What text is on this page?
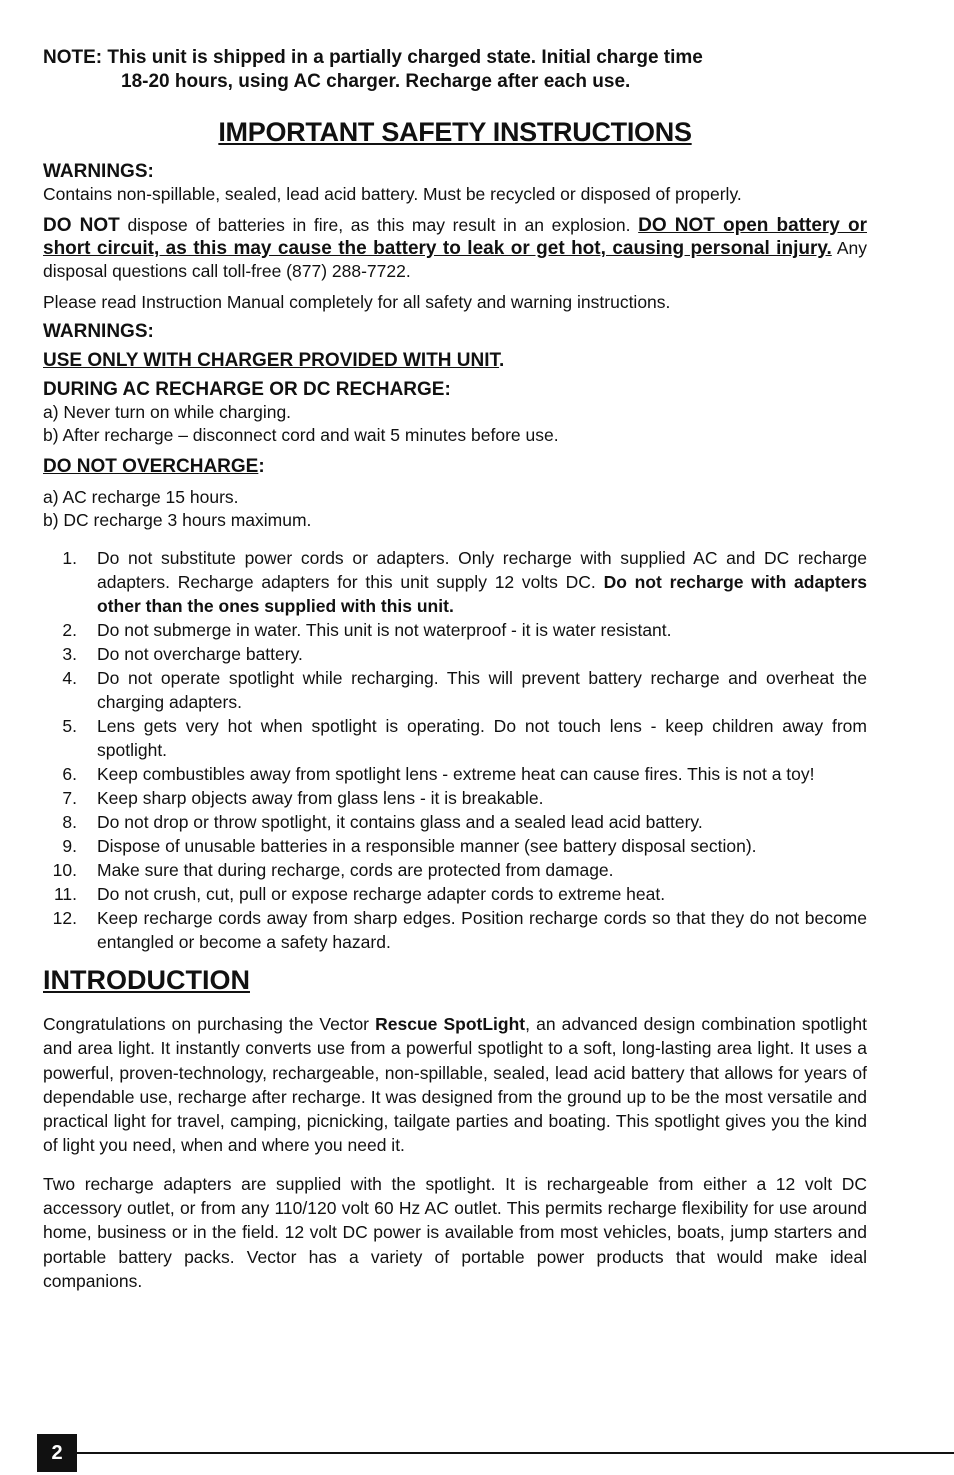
NOTE: This unit is shipped in a partially charged state. Initial charge time
18-20 hours, using AC charger. Recharge after each use.

IMPORTANT SAFETY INSTRUCTIONS

WARNINGS:

Contains non-spillable, sealed, lead acid battery. Must be recycled or disposed of properly.

DO NOT dispose of batteries in fire, as this may result in an explosion. DO NOT open battery or short circuit, as this may cause the battery to leak or get hot, causing personal injury. Any disposal questions call toll-free (877) 288-7722.

Please read Instruction Manual completely for all safety and warning instructions.

WARNINGS:

USE ONLY WITH CHARGER PROVIDED WITH UNIT.

DURING AC RECHARGE OR DC RECHARGE:

a) Never turn on while charging.

b) After recharge – disconnect cord and wait 5 minutes before use.

DO NOT OVERCHARGE:

a) AC recharge 15 hours.

b) DC recharge 3 hours maximum.

1. Do not substitute power cords or adapters. Only recharge with supplied AC and DC recharge adapters. Recharge adapters for this unit supply 12 volts DC. Do not recharge with adapters other than the ones supplied with this unit.
2. Do not submerge in water. This unit is not waterproof - it is water resistant.
3. Do not overcharge battery.
4. Do not operate spotlight while recharging. This will prevent battery recharge and overheat the charging adapters.
5. Lens gets very hot when spotlight is operating. Do not touch lens - keep children away from spotlight.
6. Keep combustibles away from spotlight lens - extreme heat can cause fires. This is not a toy!
7. Keep sharp objects away from glass lens - it is breakable.
8. Do not drop or throw spotlight, it contains glass and a sealed lead acid battery.
9. Dispose of unusable batteries in a responsible manner (see battery disposal section).
10. Make sure that during recharge, cords are protected from damage.
11. Do not crush, cut, pull or expose recharge adapter cords to extreme heat.
12. Keep recharge cords away from sharp edges. Position recharge cords so that they do not become entangled or become a safety hazard.
INTRODUCTION

Congratulations on purchasing the Vector Rescue SpotLight, an advanced design combination spotlight and area light. It instantly converts use from a powerful spotlight to a soft, long-lasting area light. It uses a powerful, proven-technology, rechargeable, non-spillable, sealed, lead acid battery that allows for years of dependable use, recharge after recharge. It was designed from the ground up to be the most versatile and practical light for travel, camping, picnicking, tailgate parties and boating. This spotlight gives you the kind of light you need, when and where you need it.

Two recharge adapters are supplied with the spotlight. It is rechargeable from either a 12 volt DC accessory outlet, or from any 110/120 volt 60 Hz AC outlet. This permits recharge flexibility for use around home, business or in the field. 12 volt DC power is available from most vehicles, boats, jump starters and portable battery packs. Vector has a variety of portable power products that would make ideal companions.

2
